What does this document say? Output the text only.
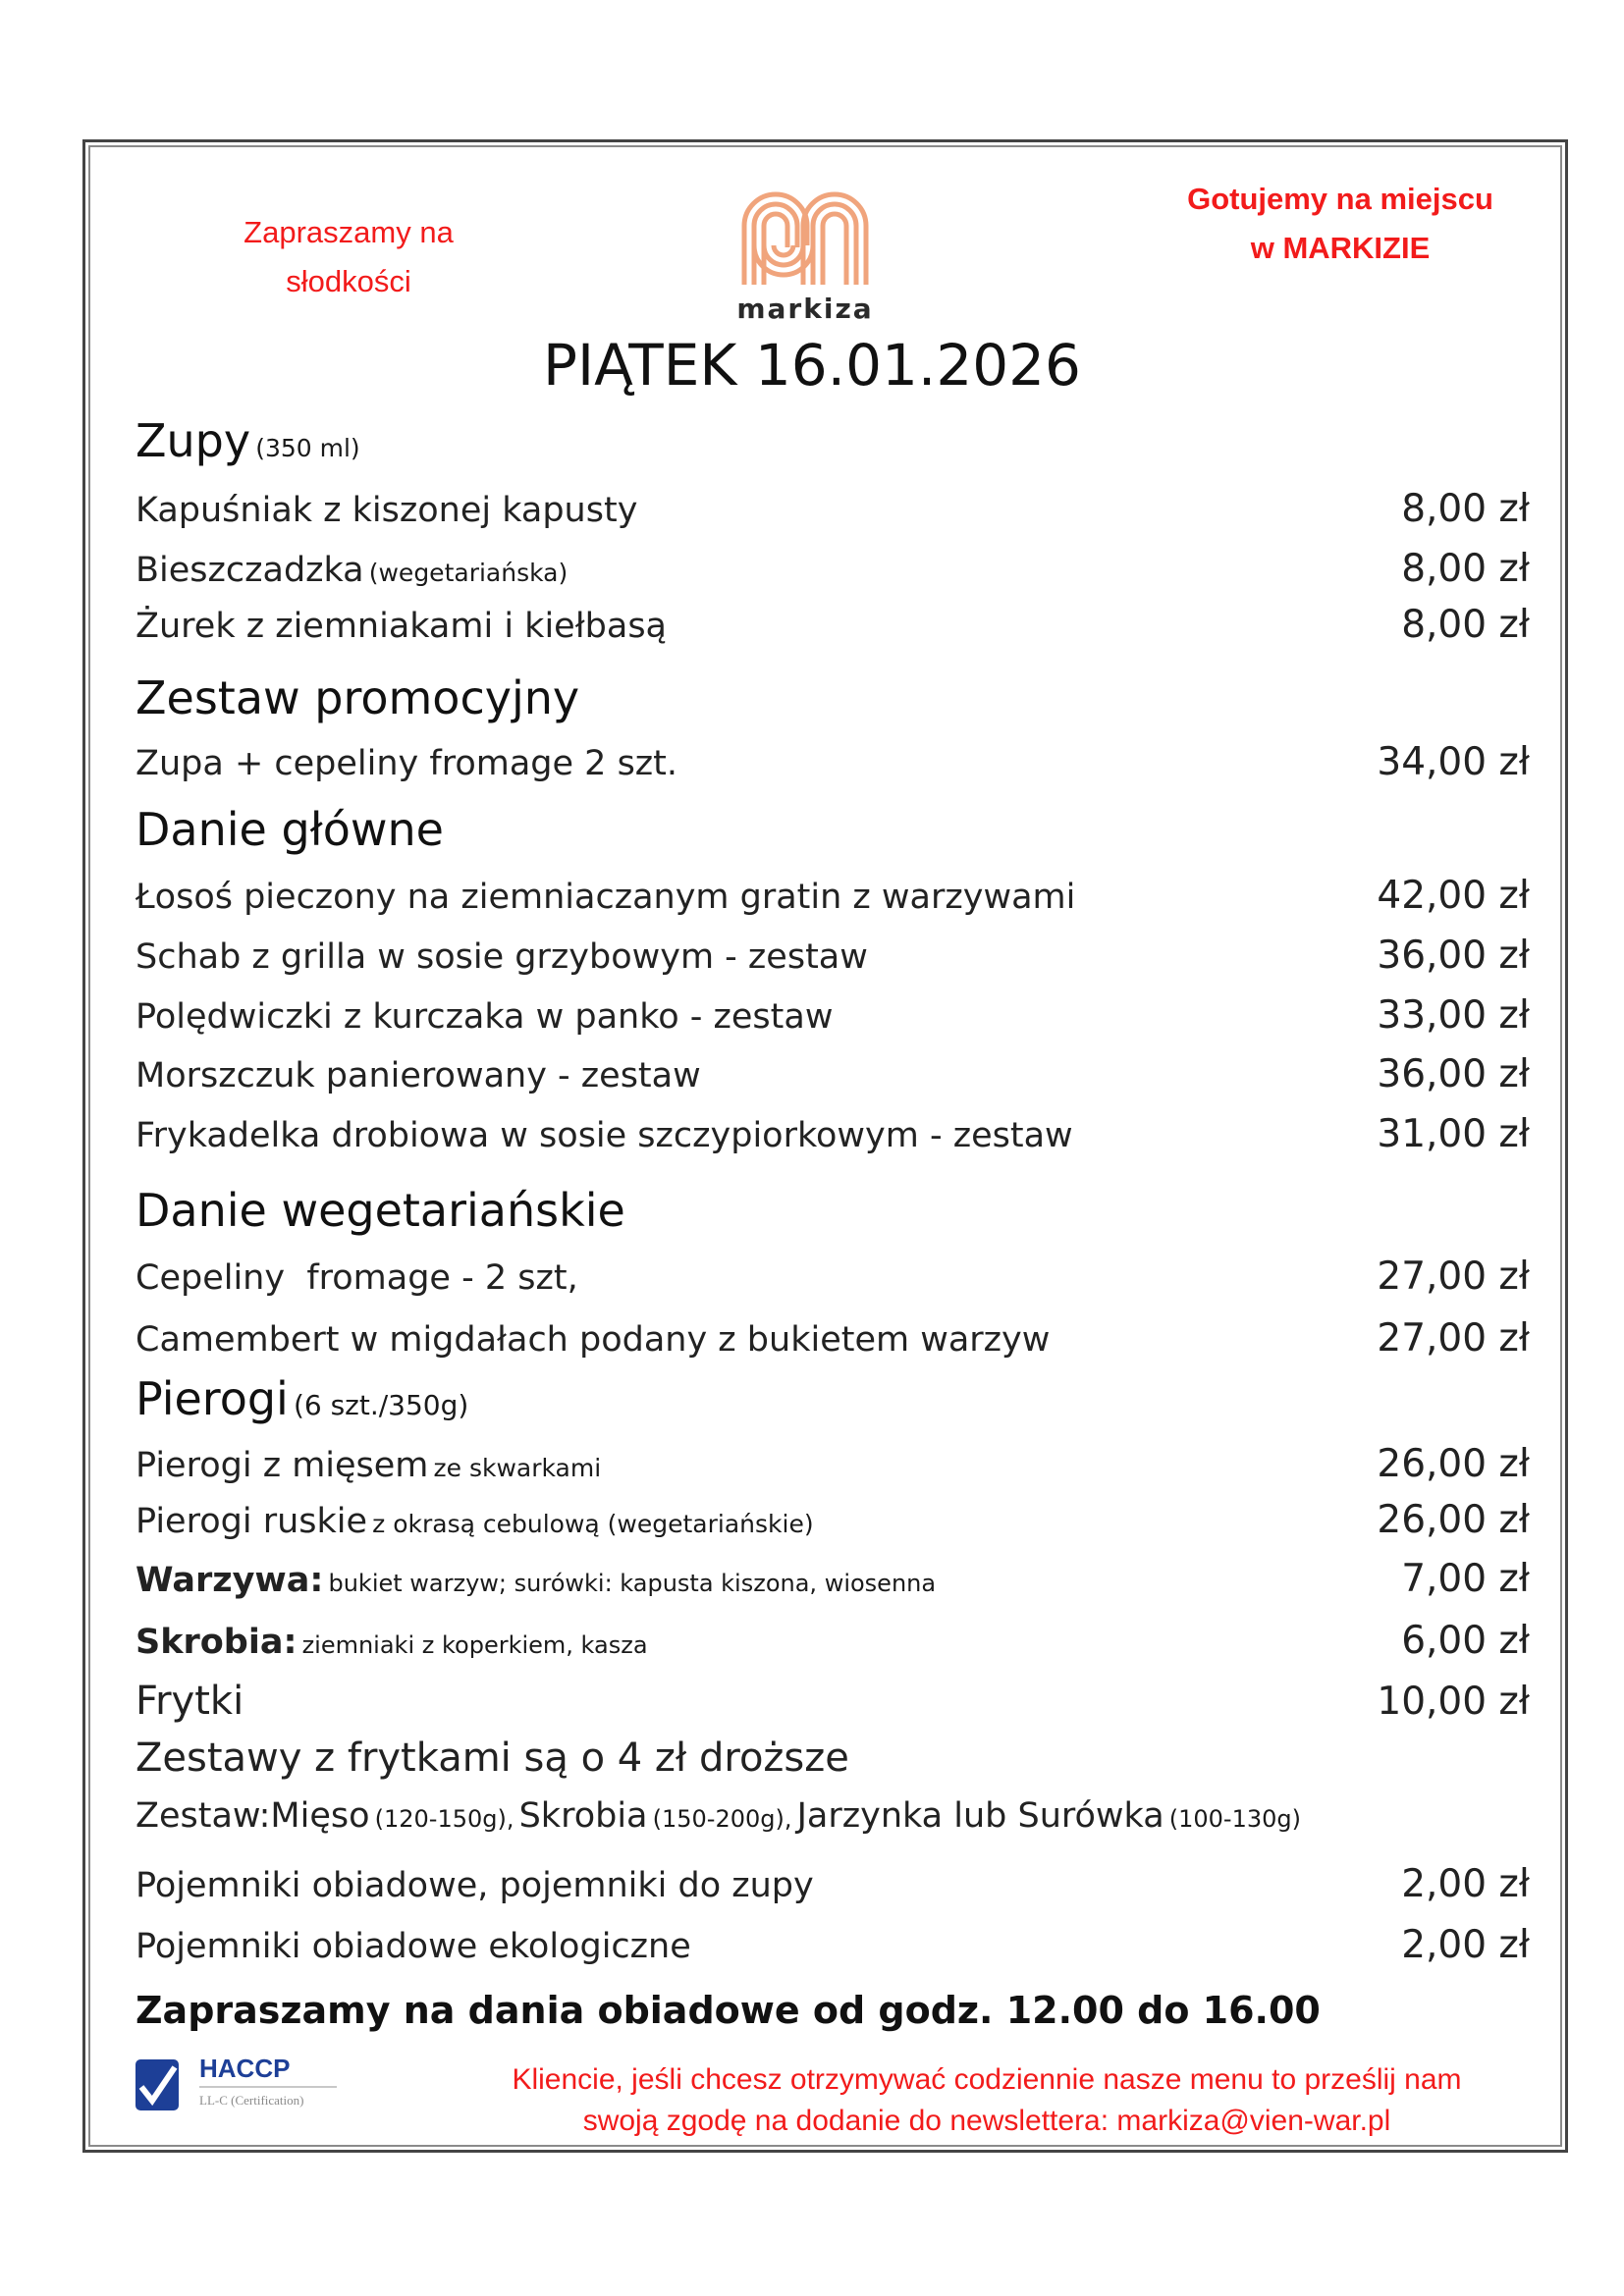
Zapraszamy na
słodkości
markiza
Gotujemy na miejscu
w MARKIZIE
PIĄTEK 16.01.2026
Zupy (350 ml)
Kapuśniak z kiszonej kapusty	8,00 zł
Bieszczadzka (wegetariańska)	8,00 zł
Żurek z ziemniakami i kiełbasą	8,00 zł
Zestaw promocyjny
Zupa + cepeliny fromage 2 szt.	34,00 zł
Danie główne
Łosoś pieczony na ziemniaczanym gratin z warzywami	42,00 zł
Schab z grilla w sosie grzybowym - zestaw	36,00 zł
Polędwiczki z kurczaka w panko - zestaw	33,00 zł
Morszczuk panierowany - zestaw	36,00 zł
Frykadelka drobiowa w sosie szczypiorkowym - zestaw	31,00 zł
Danie wegetariańskie
Cepeliny  fromage - 2 szt,	27,00 zł
Camembert w migdałach podany z bukietem warzyw	27,00 zł
Pierogi (6 szt./350g)
Pierogi z mięsem ze skwarkami	26,00 zł
Pierogi ruskie z okrasą cebulową (wegetariańskie)	26,00 zł
Warzywa: bukiet warzyw; surówki: kapusta kiszona, wiosenna	7,00 zł
Skrobia: ziemniaki z koperkiem, kasza	6,00 zł
Frytki	10,00 zł
Zestawy z frytkami są o 4 zł droższe
Zestaw:Mięso
(120-150g),
Skrobia
(150-200g),
Jarzynka lub Surówka
(100-130g)
Pojemniki obiadowe, pojemniki do zupy	2,00 zł
Pojemniki obiadowe ekologiczne	2,00 zł
Zapraszamy na dania obiadowe od godz. 12.00 do 16.00
HACCP
LL-C (Certification)
Kliencie, jeśli chcesz otrzymywać codziennie nasze menu to prześlij nam
swoją zgodę na dodanie do newslettera: markiza@vien-war.pl
